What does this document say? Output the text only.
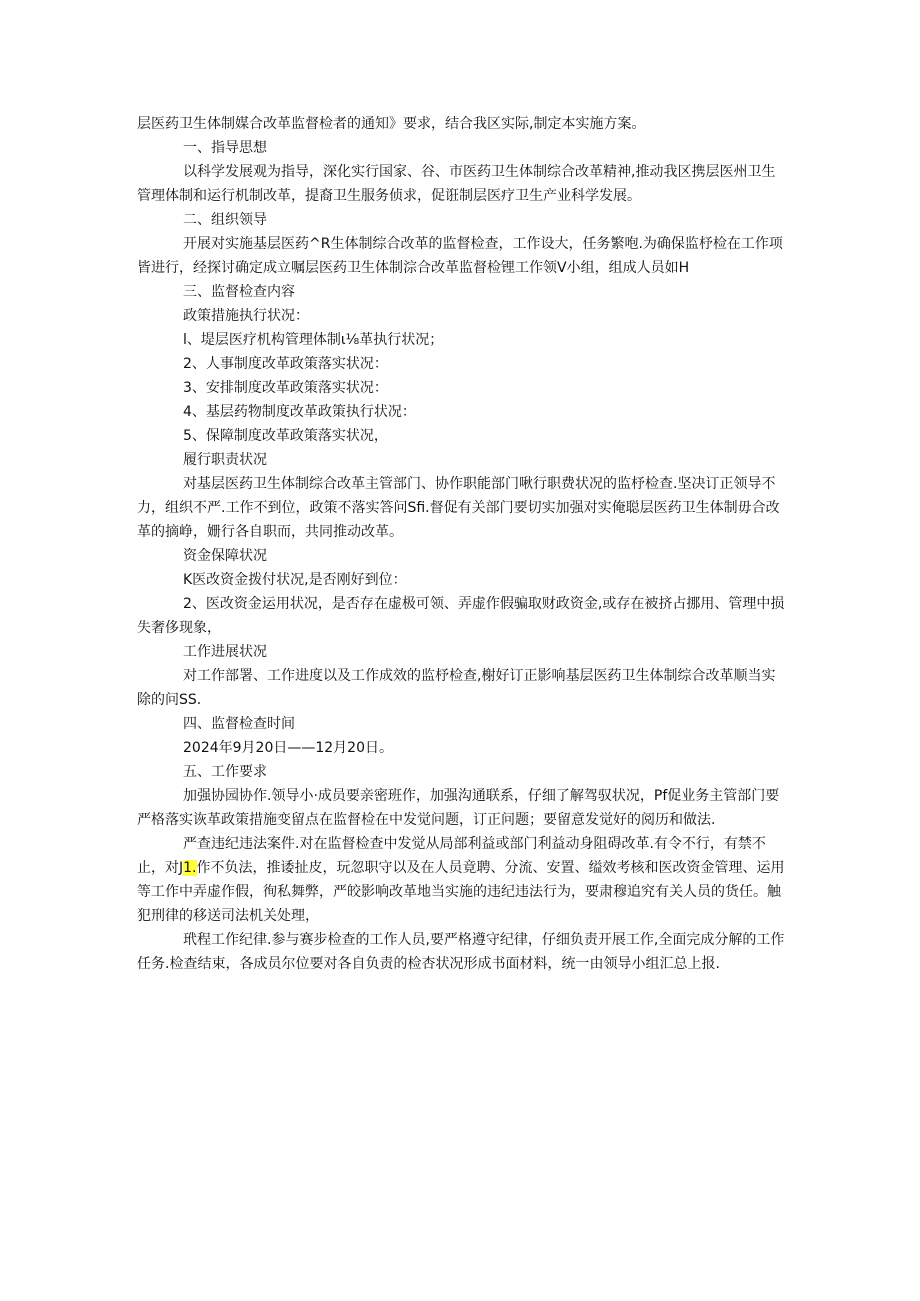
层医药卫生体制媒合改革监督检者的通知》要求，结合我区实际,制定本实施方案。

一、指导思想

以科学发展观为指导，深化实行国家、谷、市医药卫生体制综合改革精神,推动我区携层医州卫生管理体制和运行机制改革，提裔卫生服务侦求，促诳制层医疗卫生产业科学发展。

二、组织领导

开展对实施基层医药^R生体制综合改革的监督检查，工作设大，任务繁咆.为确保监杼检在工作项皆进行，经探讨确定成立嘱层医药卫生体制淙合改革监督检锂工作领V小组，组成人员如H

三、监督检查内容

政策措施执行状况：

l、堤层医疗机构管理体制ι⅛革执行状况；

2、人事制度改革政策落实状况：

3、安排制度改革政策落实状况：

4、基层药物制度改革政策执行状况：

5、保障制度改革政策落实状况，

履行职责状况

对基层医药卫生体制综合改革主管部门、协作职能部门啾行职费状况的监杼检查.坚决订正领导不力，组织不严.工作不到位，政策不落实答问Sfi.督促有关部门要切实加强对实俺聪层医药卫生体制毋合改革的摘峥，姗行各自职而，共同推动改革。

资金保障状况

K医改资金拨付状况,是否刚好到位：

2、医改资金运用状况，是否存在虚极可领、弄虚作假骗取财政资金,或存在被挤占挪用、管理中损失奢侈现象，

工作进展状况

对工作部署、工作进度以及工作成效的监杼检查,榭好订正影响基层医药卫生体制综合改革顺当实除的问SS.

四、监督检查时间

2024年9月20日——12月20日。

五、工作要求

加强协园协作.领导小·成员要亲密班作，加强沟通联系，仔细了解驾驭状况，Pf促业务主管部门要严格落实诙革政策措施变留点在监督检在中发觉问题，订正问题；要留意发觉好的阅历和做法.

严查违纪违法案件.对在监督检查中发觉从局部利益或部门利益动身阻碍改革.有令不行，有禁不止，对J1.作不负法，推诿扯皮，玩忽职守以及在人员竟聘、分流、安置、缢效考核和医改资金管理、运用等工作中弄虚作假，徇私舞弊，严皎影响改革地当实施的违纪违法行为，要肃穆追究有关人员的货任。触犯刑律的移送司法机关处理，

玳程工作纪律.参与赛步检查的工作人员,要严格遵守纪律，仔细负责开展工作,全面完成分解的工作任务.检查结束，各成员尔位要对各自负责的检杏状况形成书面材料，统一由领导小组汇总上报.
